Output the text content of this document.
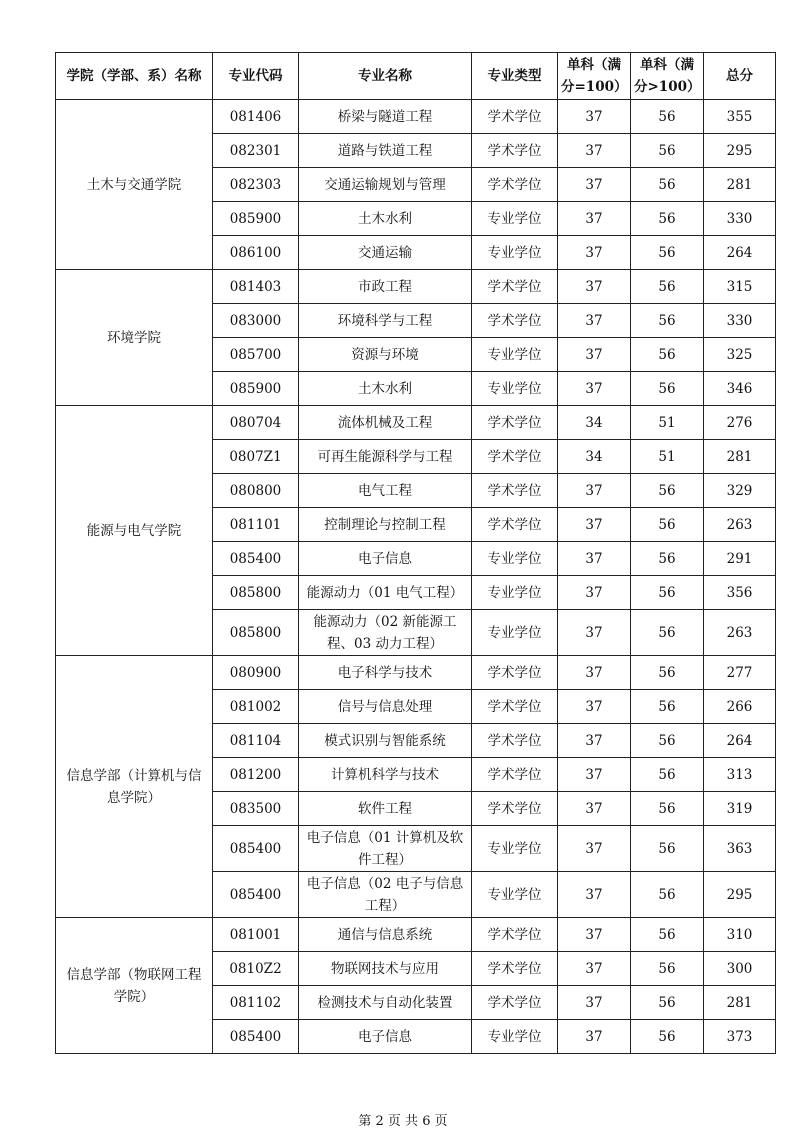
学院（学部、系）名称	专业代码	专业名称	专业类型	单科（满分=100）	单科（满分>100）	总分
土木与交通学院	081406	桥梁与隧道工程	学术学位	37	56	355
	082301	道路与铁道工程	学术学位	37	56	295
	082303	交通运输规划与管理	学术学位	37	56	281
	085900	土木水利	专业学位	37	56	330
	086100	交通运输	专业学位	37	56	264
环境学院	081403	市政工程	学术学位	37	56	315
	083000	环境科学与工程	学术学位	37	56	330
	085700	资源与环境	专业学位	37	56	325
	085900	土木水利	专业学位	37	56	346
能源与电气学院	080704	流体机械及工程	学术学位	34	51	276
	0807Z1	可再生能源科学与工程	学术学位	34	51	281
	080800	电气工程	学术学位	37	56	329
	081101	控制理论与控制工程	学术学位	37	56	263
	085400	电子信息	专业学位	37	56	291
	085800	能源动力（01 电气工程）	专业学位	37	56	356
	085800	能源动力（02 新能源工程、03 动力工程）	专业学位	37	56	263
信息学部（计算机与信息学院）	080900	电子科学与技术	学术学位	37	56	277
	081002	信号与信息处理	学术学位	37	56	266
	081104	模式识别与智能系统	学术学位	37	56	264
	081200	计算机科学与技术	学术学位	37	56	313
	083500	软件工程	学术学位	37	56	319
	085400	电子信息（01 计算机及软件工程）	专业学位	37	56	363
	085400	电子信息（02 电子与信息工程）	专业学位	37	56	295
信息学部（物联网工程学院）	081001	通信与信息系统	学术学位	37	56	310
	0810Z2	物联网技术与应用	学术学位	37	56	300
	081102	检测技术与自动化装置	学术学位	37	56	281
	085400	电子信息	专业学位	37	56	373
第 2 页 共 6 页
